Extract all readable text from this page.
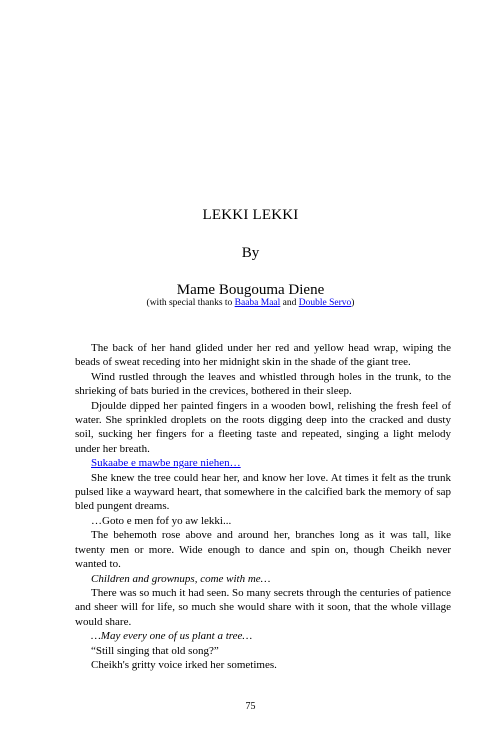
LEKKI LEKKI
By
Mame Bougouma Diene
(with special thanks to Baaba Maal and Double Servo)

The back of her hand glided under her red and yellow head wrap, wiping the beads of sweat receding into her midnight skin in the shade of the giant tree.

Wind rustled through the leaves and whistled through holes in the trunk, to the shrieking of bats buried in the crevices, bothered in their sleep.

Djoulde dipped her painted fingers in a wooden bowl, relishing the fresh feel of water. She sprinkled droplets on the roots digging deep into the cracked and dusty soil, sucking her fingers for a fleeting taste and repeated, singing a light melody under her breath.

Sukaabe e mawbe ngare niehen…

She knew the tree could hear her, and know her love. At times it felt as the trunk pulsed like a wayward heart, that somewhere in the calcified bark the memory of sap bled pungent dreams.

…Goto e men fof yo aw lekki...

The behemoth rose above and around her, branches long as it was tall, like twenty men or more. Wide enough to dance and spin on, though Cheikh never wanted to.

Children and grownups, come with me…

There was so much it had seen. So many secrets through the centuries of patience and sheer will for life, so much she would share with it soon, that the whole village would share.

…May every one of us plant a tree…

“Still singing that old song?”

Cheikh's gritty voice irked her sometimes.

75
